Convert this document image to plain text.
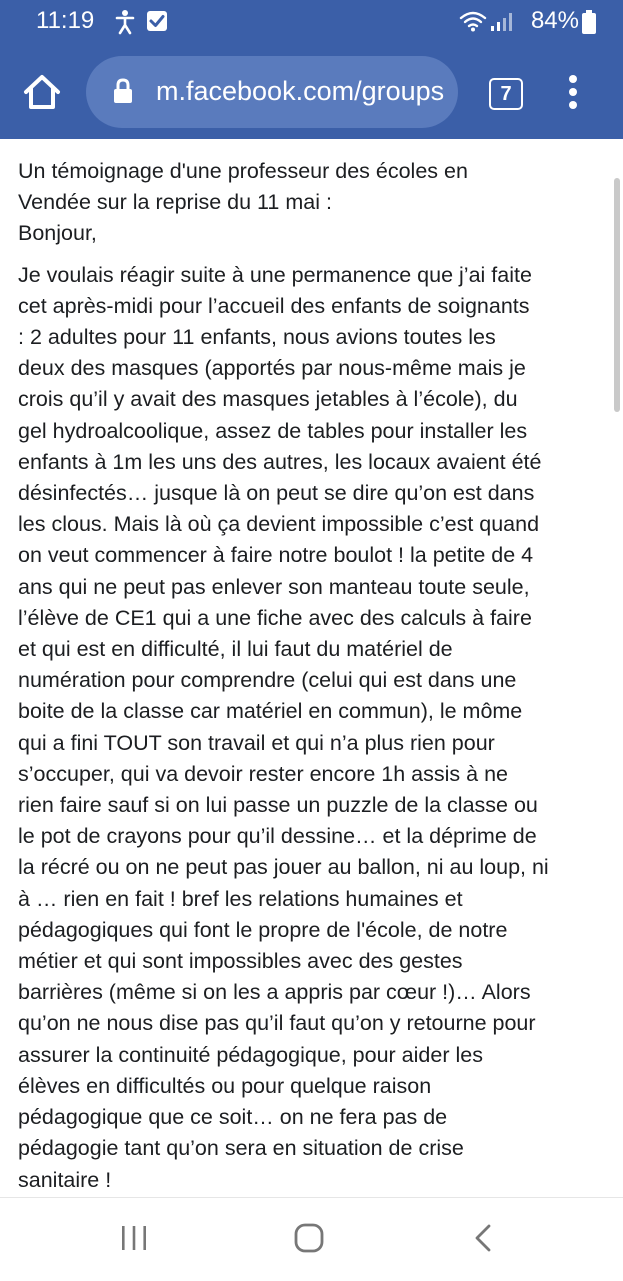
11:19	84%
m.facebook.com/groups	7

Un témoignage d'une professeur des écoles en
Vendée sur la reprise du 11 mai :
Bonjour,

Je voulais réagir suite à une permanence que j’ai faite
cet après-midi pour l’accueil des enfants de soignants
: 2 adultes pour 11 enfants, nous avions toutes les
deux des masques (apportés par nous-même mais je
crois qu’il y avait des masques jetables à l’école), du
gel hydroalcoolique, assez de tables pour installer les
enfants à 1m les uns des autres, les locaux avaient été
désinfectés… jusque là on peut se dire qu’on est dans
les clous. Mais là où ça devient impossible c’est quand
on veut commencer à faire notre boulot ! la petite de 4
ans qui ne peut pas enlever son manteau toute seule,
l’élève de CE1 qui a une fiche avec des calculs à faire
et qui est en difficulté, il lui faut du matériel de
numération pour comprendre (celui qui est dans une
boite de la classe car matériel en commun), le môme
qui a fini TOUT son travail et qui n’a plus rien pour
s’occuper, qui va devoir rester encore 1h assis à ne
rien faire sauf si on lui passe un puzzle de la classe ou
le pot de crayons pour qu’il dessine… et la déprime de
la récré ou on ne peut pas jouer au ballon, ni au loup, ni
à … rien en fait ! bref les relations humaines et
pédagogiques qui font le propre de l'école, de notre
métier et qui sont impossibles avec des gestes
barrières (même si on les a appris par cœur !)… Alors
qu’on ne nous dise pas qu’il faut qu’on y retourne pour
assurer la continuité pédagogique, pour aider les
élèves en difficultés ou pour quelque raison
pédagogique que ce soit… on ne fera pas de
pédagogie tant qu’on sera en situation de crise
sanitaire !
